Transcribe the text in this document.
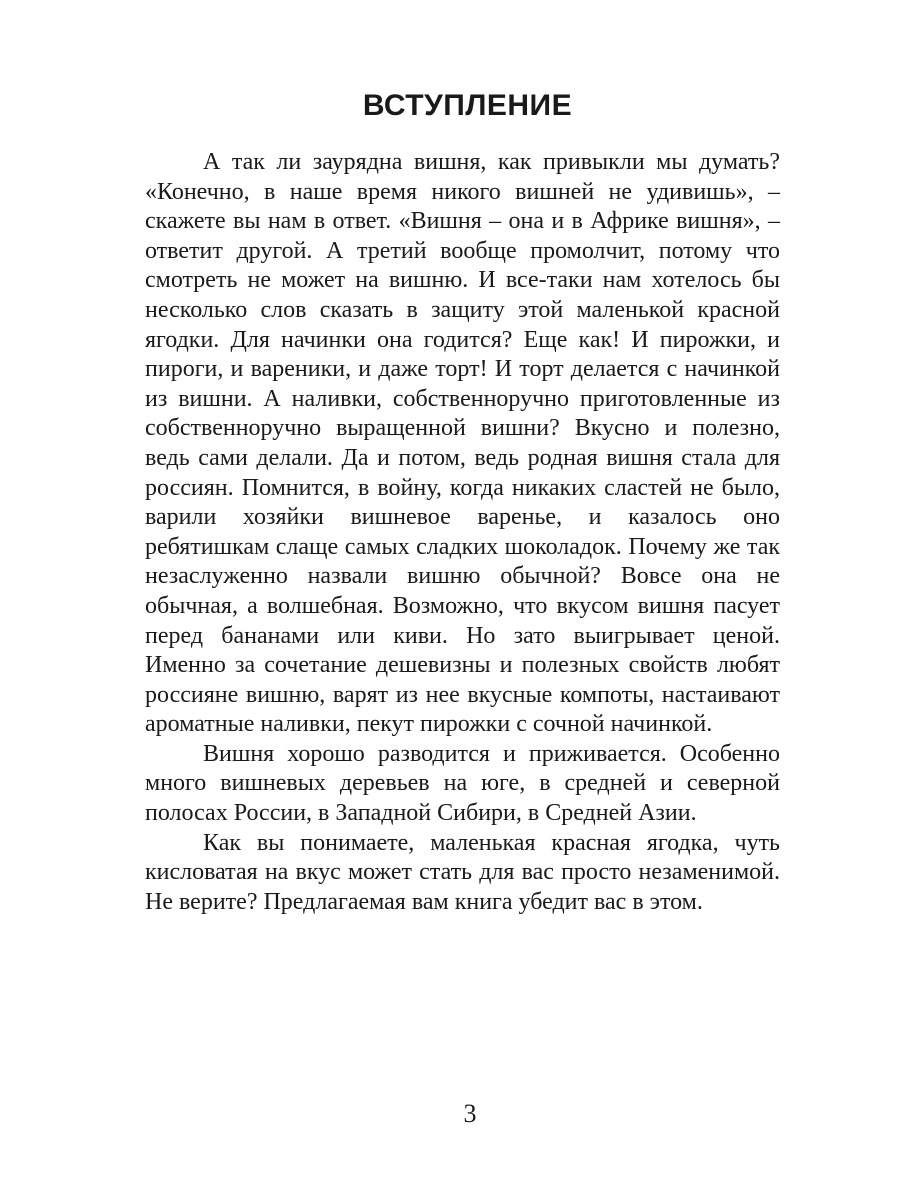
ВСТУПЛЕНИЕ

А так ли заурядна вишня, как привыкли мы думать? «Конечно, в наше время никого вишней не удивишь», – скажете вы нам в ответ. «Вишня – она и в Африке вишня», – ответит другой. А третий вообще промолчит, потому что смотреть не может на вишню. И все-таки нам хотелось бы несколько слов сказать в защиту этой маленькой красной ягодки. Для начинки она годится? Еще как! И пирожки, и пироги, и вареники, и даже торт! И торт делается с начинкой из вишни. А наливки, собственноручно приготовленные из собственноручно выращенной вишни? Вкусно и полезно, ведь сами делали. Да и потом, ведь родная вишня стала для россиян. Помнится, в войну, когда никаких сластей не было, варили хозяйки вишневое варенье, и казалось оно ребятишкам слаще самых сладких шоколадок. Почему же так незаслуженно назвали вишню обычной? Вовсе она не обычная, а волшебная. Возможно, что вкусом вишня пасует перед бананами или киви. Но зато выигрывает ценой. Именно за сочетание дешевизны и полезных свойств любят россияне вишню, варят из нее вкусные компоты, настаивают ароматные наливки, пекут пирожки с сочной начинкой.

Вишня хорошо разводится и приживается. Особенно много вишневых деревьев на юге, в средней и северной полосах России, в Западной Сибири, в Средней Азии.

Как вы понимаете, маленькая красная ягодка, чуть кисловатая на вкус может стать для вас просто незаменимой. Не верите? Предлагаемая вам книга убедит вас в этом.

3
